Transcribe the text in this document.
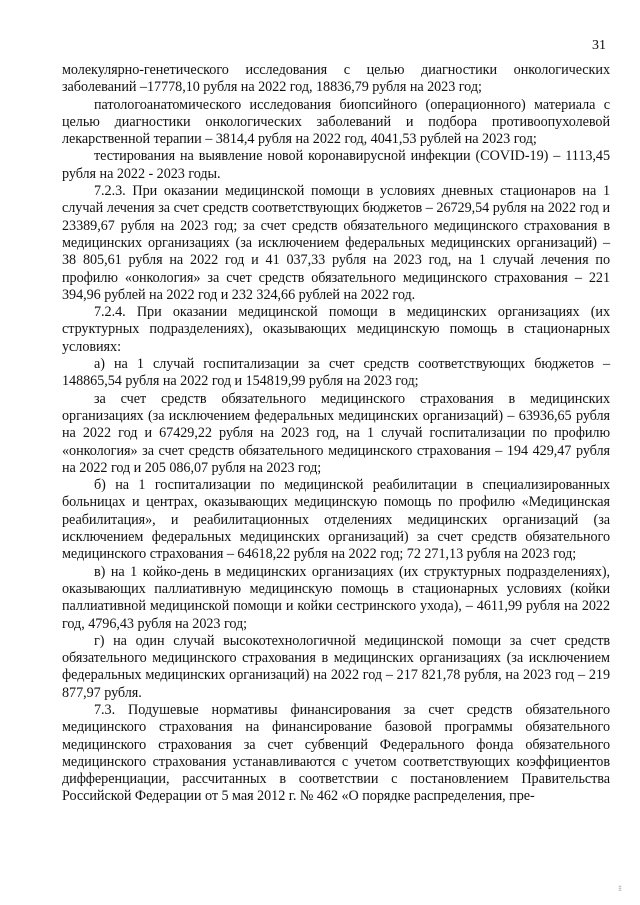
31

молекулярно-генетического исследования с целью диагностики онкологических заболеваний –17778,10 рубля на 2022 год, 18836,79 рубля на 2023 год;

патологоанатомического исследования биопсийного (операционного) материала с целью диагностики онкологических заболеваний и подбора противоопухолевой лекарственной терапии – 3814,4 рубля на 2022 год, 4041,53 рублей на 2023 год;

тестирования на выявление новой коронавирусной инфекции (COVID-19) – 1113,45 рубля на 2022 - 2023 годы.

7.2.3. При оказании медицинской помощи в условиях дневных стационаров на 1 случай лечения за счет средств соответствующих бюджетов – 26729,54 рубля на 2022 год и 23389,67 рубля на 2023 год; за счет средств обязательного медицинского страхования в медицинских организациях (за исключением федеральных медицинских организаций) – 38 805,61 рубля на 2022 год и 41 037,33 рубля на 2023 год, на 1 случай лечения по профилю «онкология» за счет средств обязательного медицинского страхования – 221 394,96 рублей на 2022 год и 232 324,66 рублей на 2022 год.

7.2.4. При оказании медицинской помощи в медицинских организациях (их структурных подразделениях), оказывающих медицинскую помощь в стационарных условиях:

а) на 1 случай госпитализации за счет средств соответствующих бюджетов – 148865,54 рубля на 2022 год и 154819,99 рубля на 2023 год;

за счет средств обязательного медицинского страхования в медицинских организациях (за исключением федеральных медицинских организаций) – 63936,65 рубля на 2022 год и 67429,22 рубля на 2023 год, на 1 случай госпитализации по профилю «онкология» за счет средств обязательного медицинского страхования – 194 429,47 рубля на 2022 год и 205 086,07 рубля на 2023 год;

б) на 1 госпитализации по медицинской реабилитации в специализированных больницах и центрах, оказывающих медицинскую помощь по профилю «Медицинская реабилитация», и реабилитационных отделениях медицинских организаций (за исключением федеральных медицинских организаций) за счет средств обязательного медицинского страхования – 64618,22 рубля на 2022 год; 72 271,13 рубля на 2023 год;

в) на 1 койко-день в медицинских организациях (их структурных подразделениях), оказывающих паллиативную медицинскую помощь в стационарных условиях (койки паллиативной медицинской помощи и койки сестринского ухода), – 4611,99 рубля на 2022 год, 4796,43 рубля на 2023 год;

г) на один случай высокотехнологичной медицинской помощи за счет средств обязательного медицинского страхования в медицинских организациях (за исключением федеральных медицинских организаций) на 2022 год – 217 821,78 рубля, на 2023 год – 219 877,97 рубля.

7.3. Подушевые нормативы финансирования за счет средств обязательного медицинского страхования на финансирование базовой программы обязательного медицинского страхования за счет субвенций Федерального фонда обязательного медицинского страхования устанавливаются с учетом соответствующих коэффициентов дифференциации, рассчитанных в соответствии с постановлением Правительства Российской Федерации от 5 мая 2012 г. № 462 «О порядке распределения, пре-

⁝⁝
